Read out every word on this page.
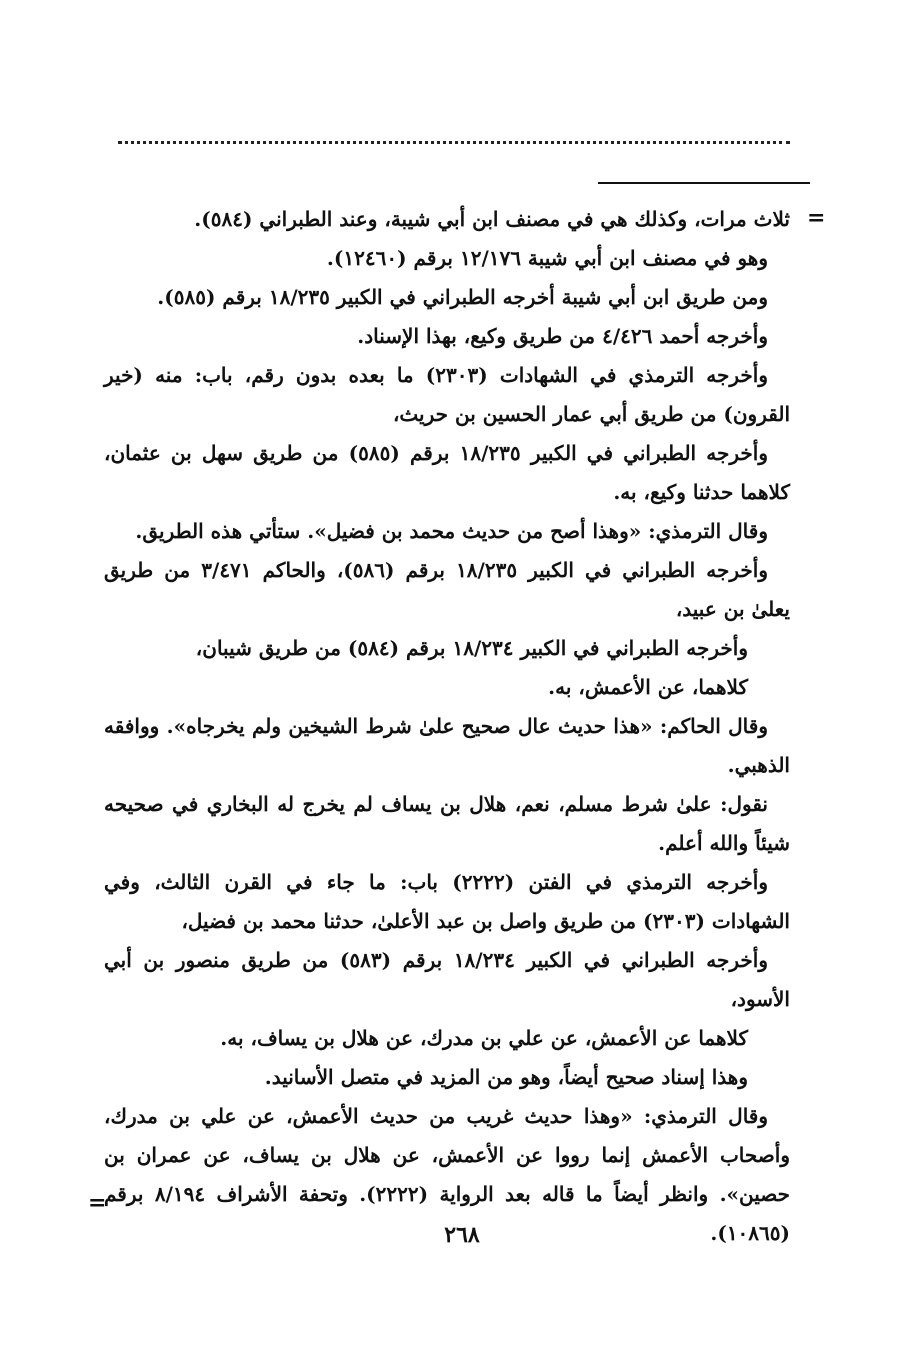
=

ثلاث مرات، وكذلك هي في مصنف ابن أبي شيبة، وعند الطبراني (٥٨٤).

وهو في مصنف ابن أبي شيبة ١٢/١٧٦ برقم (١٢٤٦٠).

ومن طريق ابن أبي شيبة أخرجه الطبراني في الكبير ١٨/٢٣٥ برقم (٥٨٥).

وأخرجه أحمد ٤/٤٢٦ من طريق وكيع، بهذا الإسناد.

وأخرجه الترمذي في الشهادات (٢٣٠٣) ما بعده بدون رقم، باب: منه (خير القرون) من طريق أبي عمار الحسين بن حريث،

وأخرجه الطبراني في الكبير ١٨/٢٣٥ برقم (٥٨٥) من طريق سهل بن عثمان، كلاهما حدثنا وكيع، به.

وقال الترمذي: «وهذا أصح من حديث محمد بن فضيل». ستأتي هذه الطريق.

وأخرجه الطبراني في الكبير ١٨/٢٣٥ برقم (٥٨٦)، والحاكم ٣/٤٧١ من طريق يعلىٰ بن عبيد،

وأخرجه الطبراني في الكبير ١٨/٢٣٤ برقم (٥٨٤) من طريق شيبان،

كلاهما، عن الأعمش، به.

وقال الحاكم: «هذا حديث عال صحيح علىٰ شرط الشيخين ولم يخرجاه». ووافقه الذهبي.

نقول: علىٰ شرط مسلم، نعم، هلال بن يساف لم يخرج له البخاري في صحيحه شيئاً والله أعلم.

وأخرجه الترمذي في الفتن (٢٢٢٢) باب: ما جاء في القرن الثالث، وفي الشهادات (٢٣٠٣) من طريق واصل بن عبد الأعلىٰ، حدثنا محمد بن فضيل،

وأخرجه الطبراني في الكبير ١٨/٢٣٤ برقم (٥٨٣) من طريق منصور بن أبي الأسود،

كلاهما عن الأعمش، عن علي بن مدرك، عن هلال بن يساف، به.

وهذا إسناد صحيح أيضاً، وهو من المزيد في متصل الأسانيد.

وقال الترمذي: «وهذا حديث غريب من حديث الأعمش، عن علي بن مدرك، وأصحاب الأعمش إنما رووا عن الأعمش، عن هلال بن يساف، عن عمران بن حصين». وانظر أيضاً ما قاله بعد الرواية (٢٢٢٢). وتحفة الأشراف ٨/١٩٤ برقم (١٠٨٦٥).

=
٢٦٨
